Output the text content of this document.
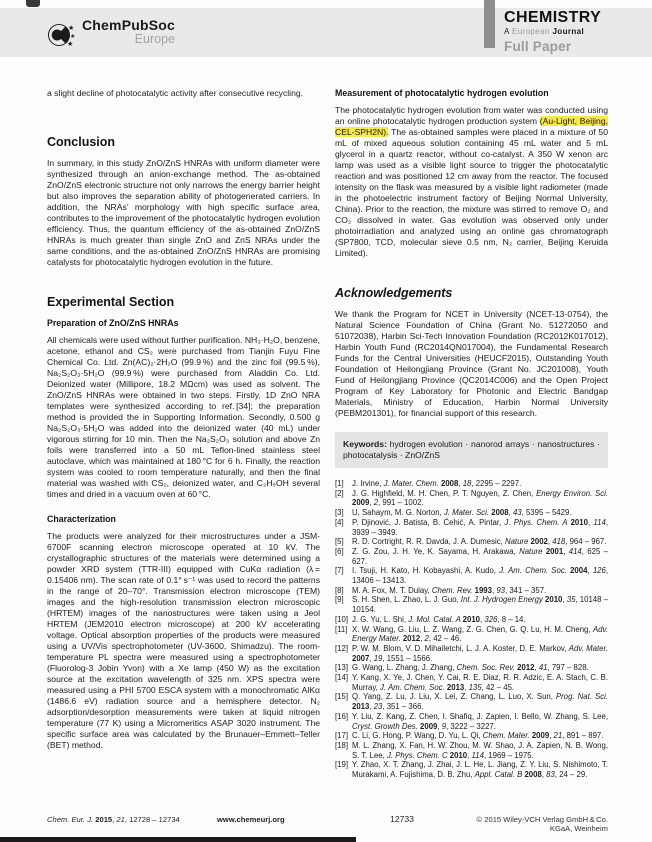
★
★
★
ChemPubSoc
Europe
CHEMISTRY
A European Journal
Full Paper

a slight decline of photocatalytic activity after consecutive recycling.

Conclusion

In summary, in this study ZnO/ZnS HNRAs with uniform diameter were synthesized through an anion-exchange method. The as-obtained ZnO/ZnS electronic structure not only narrows the energy barrier height but also improves the separation ability of photogenerated carriers. In addition, the NRAs’ morphology with high specific surface area, contributes to the improvement of the photocatalytic hydrogen evolution efficiency. Thus, the quantum efficiency of the as-obtained ZnO/ZnS HNRAs is much greater than single ZnO and ZnS NRAs under the same conditions, and the as-obtained ZnO/ZnS HNRAs are promising catalysts for photocatalytic hydrogen evolution in the future.

Experimental Section
Preparation of ZnO/ZnS HNRAs

All chemicals were used without further purification. NH₃·H₂O, benzene, acetone, ethanol and CS₂ were purchased from Tianjin Fuyu Fine Chemical Co. Ltd. Zn(AC)₂·2H₂O (99.9 %) and the zinc foil (99.5 %), Na₂S₂O₃·5H₂O (99.9 %) were purchased from Aladdin Co. Ltd. Deionized water (Millipore, 18.2 MΩcm) was used as solvent. The ZnO/ZnS HNRAs were obtained in two steps. Firstly, 1D ZnO NRA templates were synthesized according to ref. [34]; the preparation method is provided the in Supporting Information. Secondly, 0.500 g Na₂S₂O₃·5H₂O was added into the deionized water (40 mL) under vigorous stirring for 10 min. Then the Na₂S₂O₃ solution and above Zn foils were transferred into a 50 mL Teflon-lined stainless steel autoclave, which was maintained at 180 °C for 6 h. Finally, the reaction system was cooled to room temperature naturally, and then the final material was washed with CS₂, deionized water, and C₂H₅OH several times and dried in a vacuum oven at 60 °C.

Characterization

The products were analyzed for their microstructures under a JSM-6700F scanning electron microscope operated at 10 kV. The crystallographic structures of the materials were determined using a powder XRD system (TTR-III) equipped with CuKα radiation (λ = 0.15406 nm). The scan rate of 0.1° s⁻¹ was used to record the patterns in the range of 20–70°. Transmission electron microscope (TEM) images and the high-resolution transmission electron microscopic (HRTEM) images of the nanostructures were taken using a Jeol HRTEM (JEM2010 electron microscope) at 200 kV accelerating voltage. Optical absorption properties of the products were measured using a UV/Vis spectrophotometer (UV-3600, Shimadzu). The room-temperature PL spectra were measured using a spectrophotometer (Fluorolog-3 Jobin Yvon) with a Xe lamp (450 W) as the excitation source at the excitation wavelength of 325 nm. XPS spectra were measured using a PHI 5700 ESCA system with a monochromatic AlKα (1486.6 eV) radiation source and a hemisphere detector. N₂ adsorption/desorption measurements were taken at liquid nitrogen temperature (77 K) using a Micromeritics ASAP 3020 instrument. The specific surface area was calculated by the Brunauer–Emmett–Teller (BET) method.

Measurement of photocatalytic hydrogen evolution

The photocatalytic hydrogen evolution from water was conducted using an online photocatalytic hydrogen production system (Au-Light, Beijing, CEL-SPH2N). The as-obtained samples were placed in a mixture of 50 mL of mixed aqueous solution containing 45 mL water and 5 mL glycerol in a quartz reactor, without co-catalyst. A 350 W xenon arc lamp was used as a visible light source to trigger the photocatalytic reaction and was positioned 12 cm away from the reactor. The focused intensity on the flask was measured by a visible light radiometer (made in the photoelectric instrument factory of Beijing Normal University, China). Prior to the reaction, the mixture was stirred to remove O₂ and CO₂ dissolved in water. Gas evolution was observed only under photoirradiation and analyzed using an online gas chromatograph (SP7800, TCD, molecular sieve 0.5 nm, N₂ carrier, Beijing Keruida Limited).

Acknowledgements

We thank the Program for NCET in University (NCET-13-0754), the Natural Science Foundation of China (Grant No. 51272050 and 51072038), Harbin Sci-Tech Innovation Foundation (RC2012K017012), Harbin Youth Fund (RC2014QN017004), the Fundamental Research Funds for the Central Universities (HEUCF2015), Outstanding Youth Foundation of Heilongjiang Province (Grant No. JC201008), Youth Fund of Heilongjiang Province (QC2014C006) and the Open Project Program of Key Laboratory for Photonic and Electric Bandgap Materials, Ministry of Education, Harbin Normal University (PEBM201301), for financial support of this research.

Keywords: hydrogen evolution · nanorod arrays · nanostructures · photocatalysis · ZnO/ZnS
[1]	J. Irvine, J. Mater. Chem. 2008, 18, 2295 – 2297.
[2]	J. G. Highfield, M. H. Chen, P. T. Nguyen, Z. Chen, Energy Environ. Sci. 2009, 2, 991 – 1002.
[3]	U. Sahaym, M. G. Norton, J. Mater. Sci. 2008, 43, 5395 – 5429.
[4]	P. Djinović, J. Batista, B. Ćehić, A. Pintar, J. Phys. Chem. A 2010, 114, 3939 – 3949.
[5]	R. D. Cortright, R. R. Davda, J. A. Dumesic, Nature 2002, 418, 964 – 967.
[6]	Z. G. Zou, J. H. Ye, K. Sayama, H. Arakawa, Nature 2001, 414, 625 – 627.
[7]	I. Tsuji, H. Kato, H. Kobayashi, A. Kudo, J. Am. Chem. Soc. 2004, 126, 13406 – 13413.
[8]	M. A. Fox, M. T. Dulay, Chem. Rev. 1993, 93, 341 – 357.
[9]	S. H. Shen, L. Zhao, L. J. Guo, Int. J. Hydrogen Energy 2010, 35, 10148 – 10154.
[10] J. G. Yu, L. Shi, J. Mol. Catal. A 2010, 326, 8 – 14.
[11] X. W. Wang, G. Liu, L. Z. Wang, Z. G. Chen, G. Q. Lu, H. M. Cheng, Adv. Energy Mater. 2012, 2, 42 – 46.
[12] P. W. M. Blom, V. D. Mihailetchi, L. J. A. Koster, D. E. Markov, Adv. Mater. 2007, 19, 1551 – 1566.
[13] G. Wang, L. Zhang, J. Zhang, Chem. Soc. Rev. 2012, 41, 797 – 828.
[14] Y. Kang, X. Ye, J. Chen, Y. Cai, R. E. Diaz, R. R. Adzic, E. A. Stach, C. B. Murray, J. Am. Chem. Soc. 2013, 135, 42 – 45.
[15] Q. Yang, Z. Lu, J. Liu, X. Lei, Z. Chang, L. Luo, X. Sun, Prog. Nat. Sci. 2013, 23, 351 – 366.
[16] Y. Liu, Z. Kang, Z. Chen, I. Shafiq, J. Zapien, I. Bello, W. Zhang, S. Lee, Cryst. Growth Des. 2009, 9, 3222 – 3227.
[17] C. Li, G. Hong, P. Wang, D. Yu, L. Qi, Chem. Mater. 2009, 21, 891 – 897.
[18] M. L. Zhang, X. Fan, H. W. Zhou, M. W. Shao, J. A. Zapien, N. B. Wong, S. T. Lee, J. Phys. Chem. C 2010, 114, 1969 – 1975.
[19] Y. Zhao, X. T. Zhang, J. Zhai, J. L. He, L. Jiang, Z. Y. Liu, S. Nishimoto, T. Murakami, A. Fujishima, D. B. Zhu, Appl. Catal. B 2008, 83, 24 – 29.
Chem. Eur. J. 2015, 21, 12728 – 12734	www.chemeurj.org	12733	© 2015 Wiley-VCH Verlag GmbH & Co. KGaA, Weinheim
